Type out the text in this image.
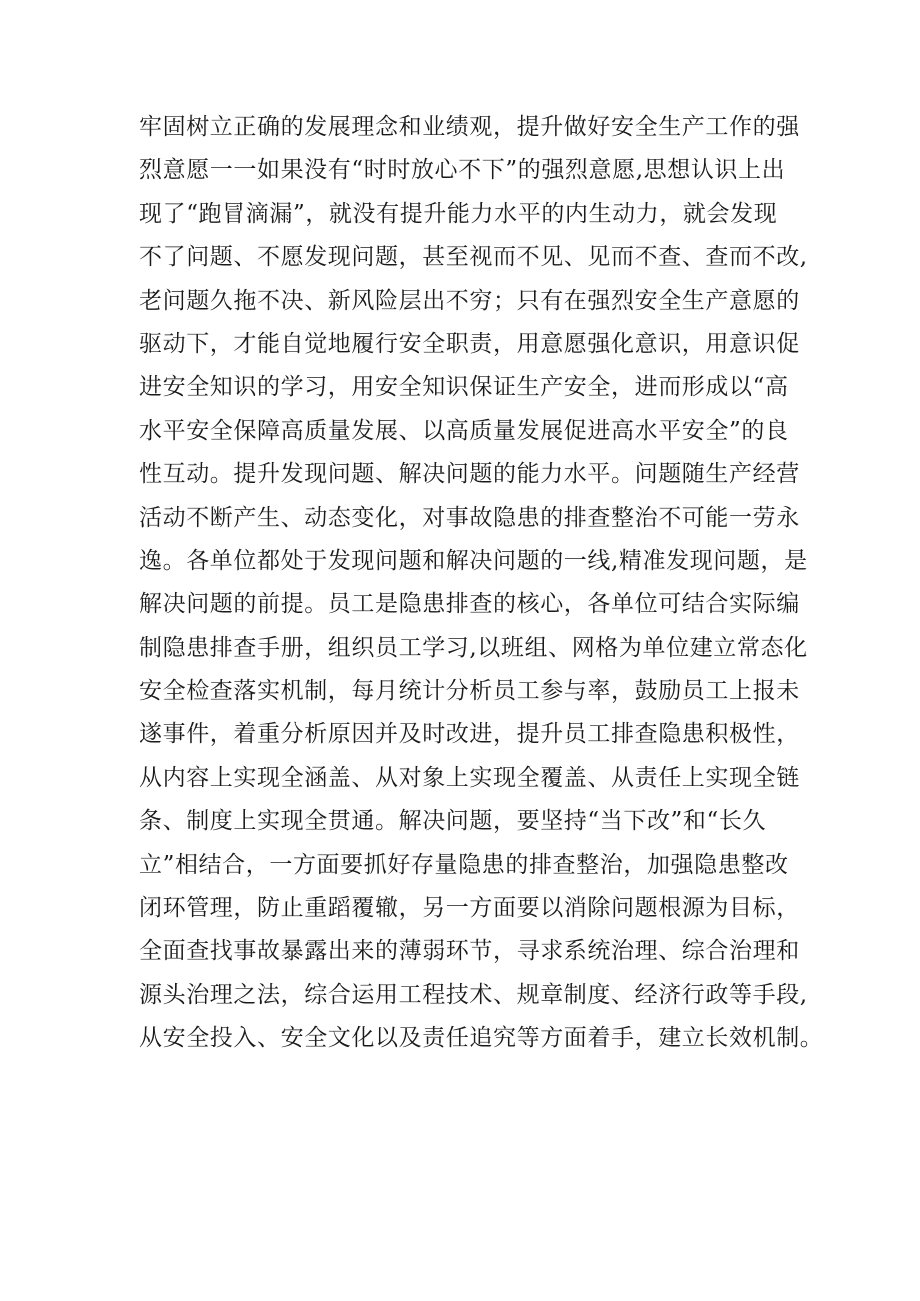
牢固树立正确的发展理念和业绩观，提升做好安全生产工作的强
烈意愿一一如果没有“时时放心不下”的强烈意愿,思想认识上出
现了“跑冒滴漏”，就没有提升能力水平的内生动力，就会发现
不了问题、不愿发现问题，甚至视而不见、见而不查、查而不改,
老问题久拖不决、新风险层出不穷；只有在强烈安全生产意愿的
驱动下，才能自觉地履行安全职责，用意愿强化意识，用意识促
进安全知识的学习，用安全知识保证生产安全，进而形成以“高
水平安全保障高质量发展、以高质量发展促进高水平安全”的良
性互动。提升发现问题、解决问题的能力水平。问题随生产经营
活动不断产生、动态变化，对事故隐患的排查整治不可能一劳永
逸。各单位都处于发现问题和解决问题的一线,精准发现问题，是
解决问题的前提。员工是隐患排查的核心，各单位可结合实际编
制隐患排查手册，组织员工学习,以班组、网格为单位建立常态化
安全检查落实机制，每月统计分析员工参与率，鼓励员工上报未
遂事件，着重分析原因并及时改进，提升员工排查隐患积极性，
从内容上实现全涵盖、从对象上实现全覆盖、从责任上实现全链
条、制度上实现全贯通。解决问题，要坚持“当下改”和“长久
立”相结合，一方面要抓好存量隐患的排查整治，加强隐患整改
闭环管理，防止重蹈覆辙，另一方面要以消除问题根源为目标，
全面查找事故暴露出来的薄弱环节，寻求系统治理、综合治理和
源头治理之法，综合运用工程技术、规章制度、经济行政等手段,
从安全投入、安全文化以及责任追究等方面着手，建立长效机制。
